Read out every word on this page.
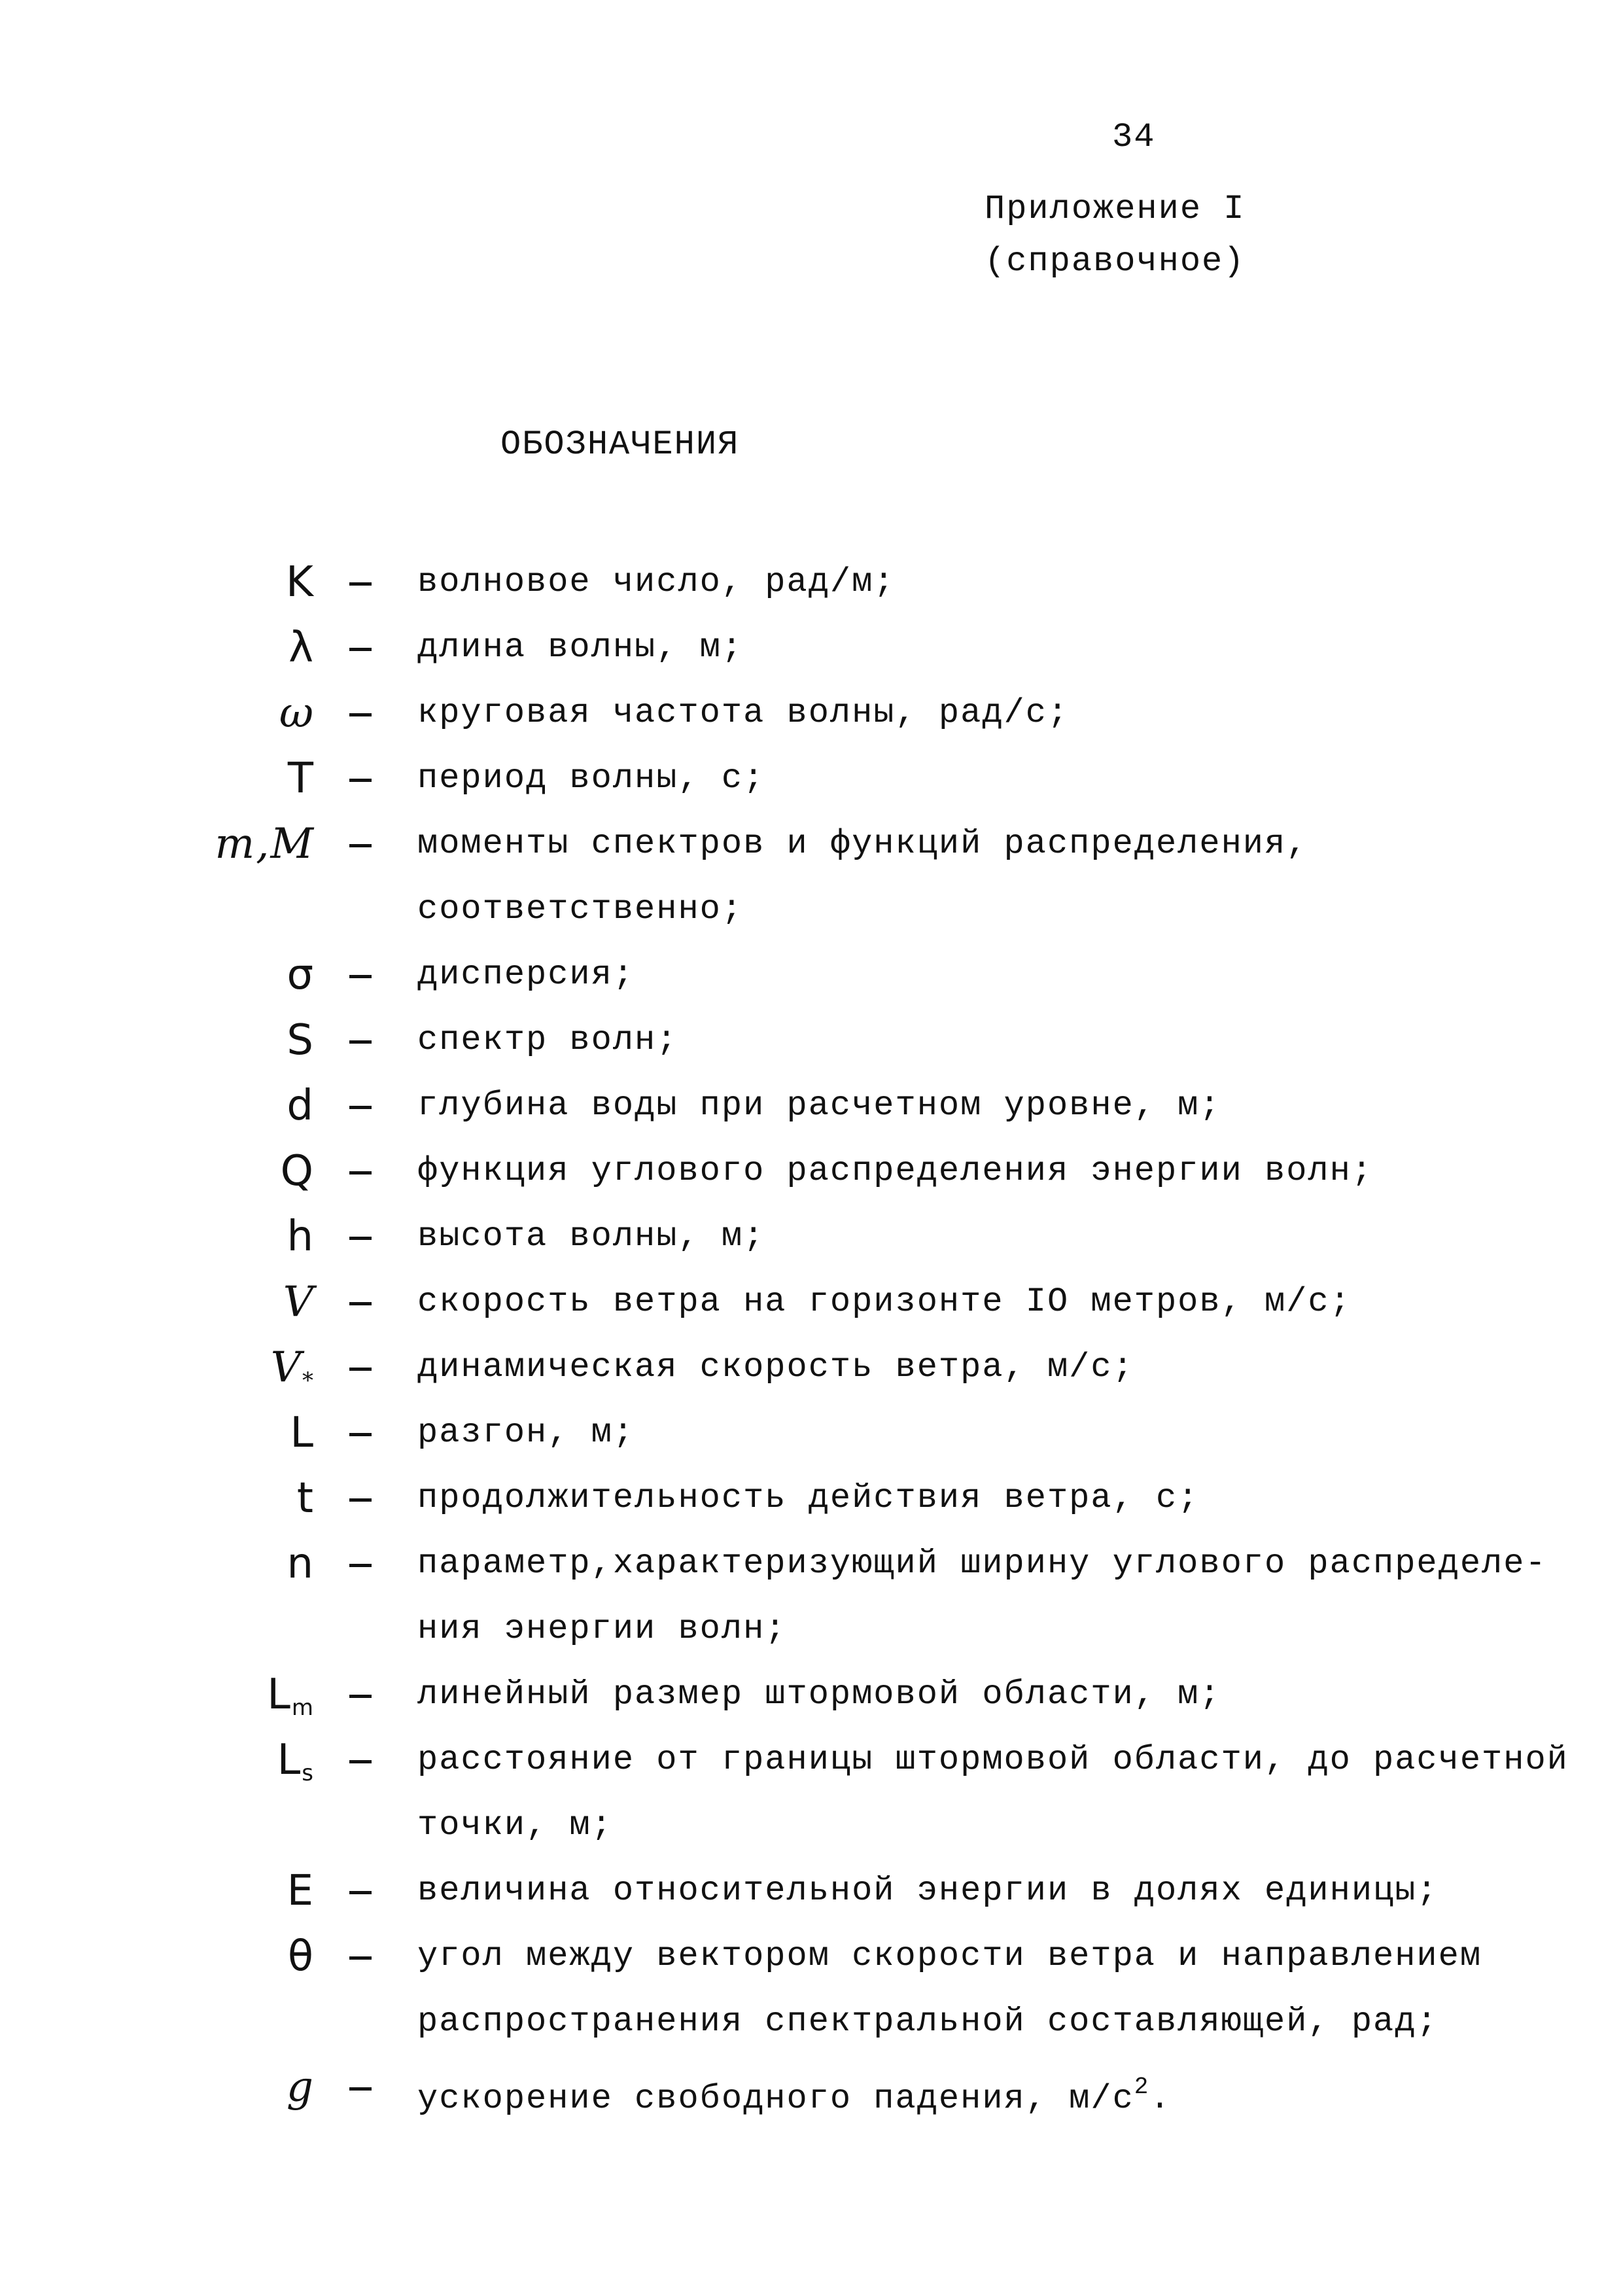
34
Приложение I
(справочное)
ОБОЗНАЧЕНИЯ
K	волновое число, рад/м;
λ	длина волны, м;
ω	круговая частота волны, рад/с;
T	период волны, с;
m,M	моменты спектров и функций распределения,
соответственно;
σ	дисперсия;
S	спектр волн;
d	глубина воды при расчетном уровне, м;
Q	функция углового распределения энергии волн;
h	высота волны, м;
V	скорость ветра на горизонте IO метров, м/с;
$V_*$	динамическая скорость ветра, м/с;
L	разгон, м;
t	продолжительность действия ветра, с;
n	параметр,характеризующий ширину углового распределе-
ния энергии волн;
$L_m$	линейный размер штормовой области, м;
$L_s$	расстояние от границы штормовой области, до расчетной
точки, м;
E	величина относительной энергии в долях единицы;
θ	угол между вектором скорости ветра и направлением
распространения спектральной составляющей, рад;
g	ускорение свободного падения, $м/с^2$.
